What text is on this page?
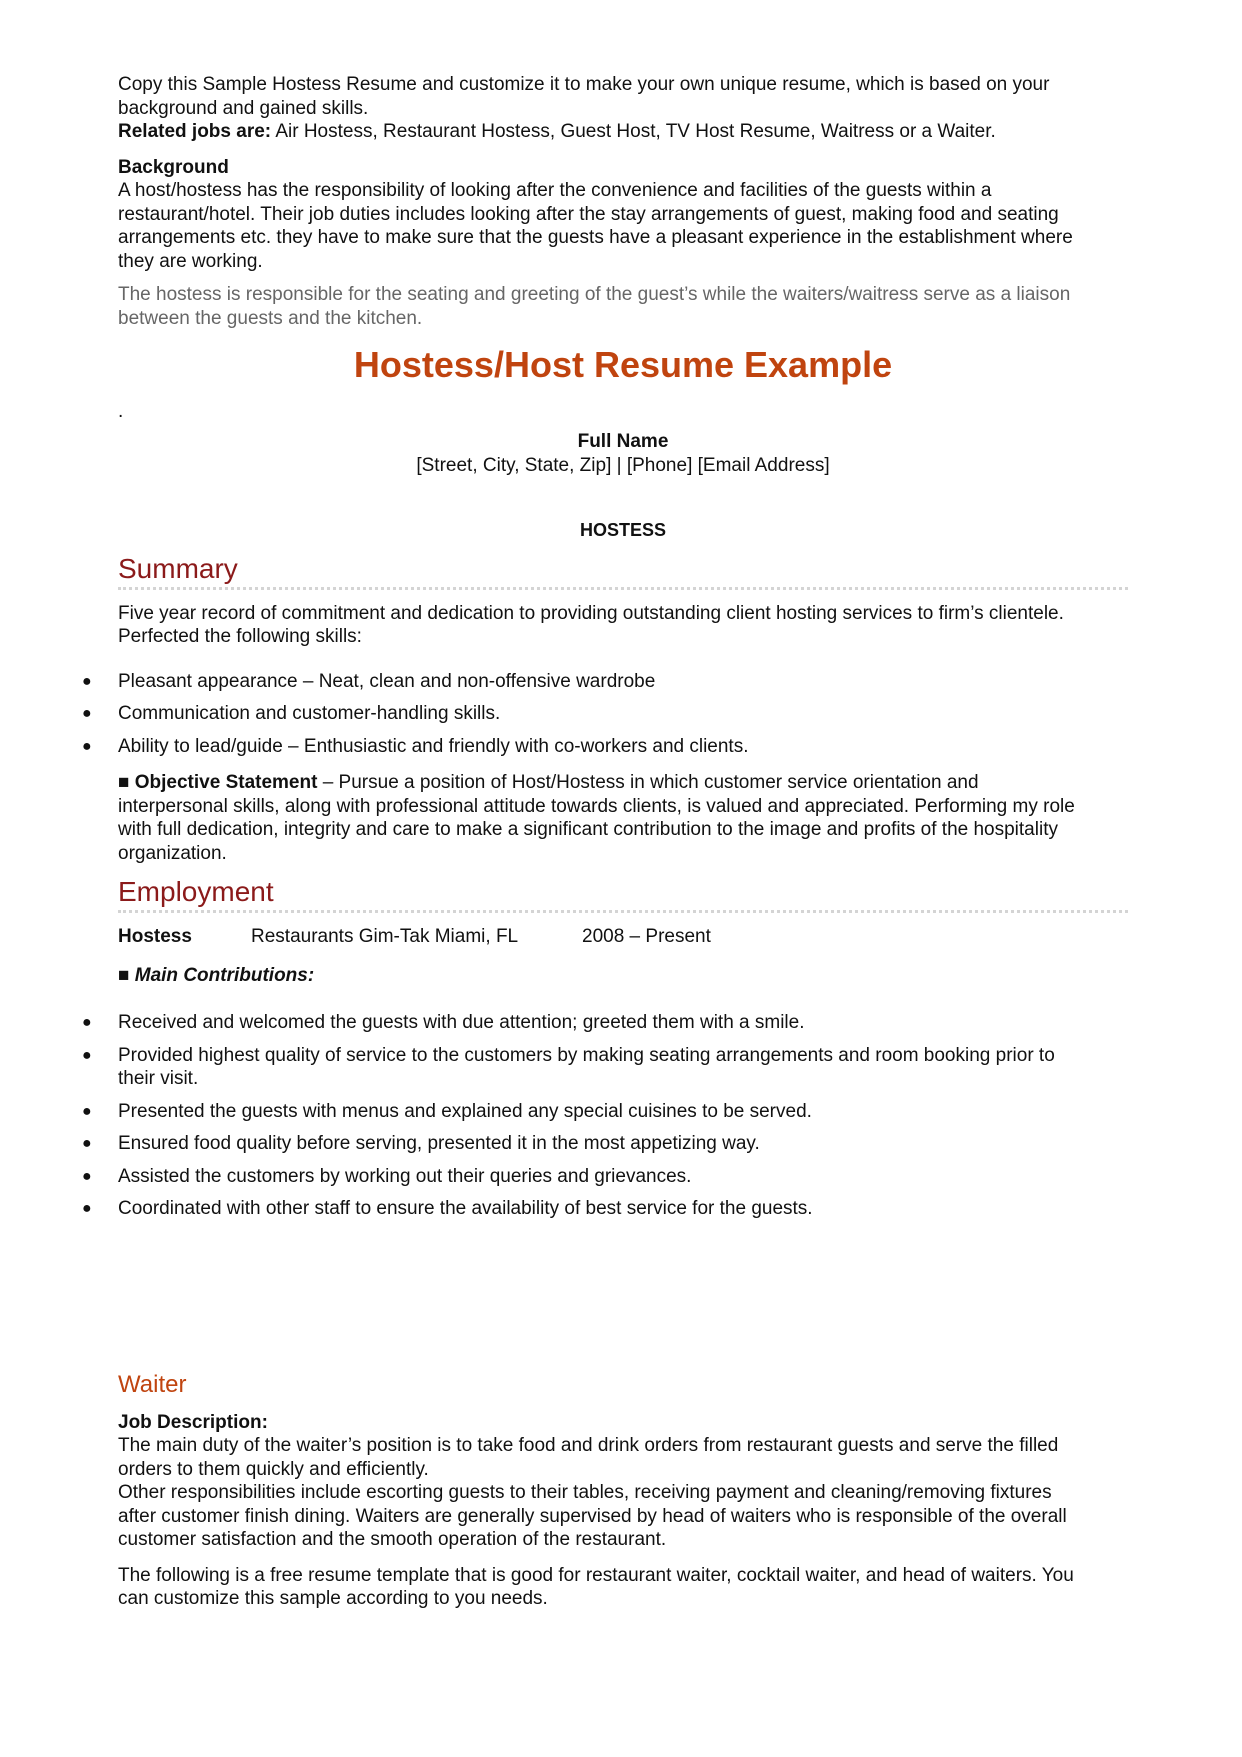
Copy this Sample Hostess Resume and customize it to make your own unique resume, which is based on your

background and gained skills.

Related jobs are: Air Hostess, Restaurant Hostess, Guest Host, TV Host Resume, Waitress or a Waiter.

Background

A host/hostess has the responsibility of looking after the convenience and facilities of the guests within a

restaurant/hotel. Their job duties includes looking after the stay arrangements of guest, making food and seating

arrangements etc. they have to make sure that the guests have a pleasant experience in the establishment where

they are working.

The hostess is responsible for the seating and greeting of the guest’s while the waiters/waitress serve as a liaison

between the guests and the kitchen.

Hostess/Host Resume Example
.

Full Name

[Street, City, State, Zip] | [Phone] [Email Address]

HOSTESS

Summary

Five year record of commitment and dedication to providing outstanding client hosting services to firm’s clientele.

Perfected the following skills:

● Pleasant appearance – Neat, clean and non-offensive wardrobe
● Communication and customer-handling skills.
● Ability to lead/guide – Enthusiastic and friendly with co-workers and clients.

■ Objective Statement – Pursue a position of Host/Hostess in which customer service orientation and

interpersonal skills, along with professional attitude towards clients, is valued and appreciated. Performing my role

with full dedication, integrity and care to make a significant contribution to the image and profits of the hospitality

organization.

Employment
Hostess	Restaurants Gim-Tak Miami, FL	2008 – Present

■ Main Contributions:

● Received and welcomed the guests with due attention; greeted them with a smile.
● Provided highest quality of service to the customers by making seating arrangements and room booking prior to
their visit.
● Presented the guests with menus and explained any special cuisines to be served.
● Ensured food quality before serving, presented it in the most appetizing way.
● Assisted the customers by working out their queries and grievances.
● Coordinated with other staff to ensure the availability of best service for the guests.
Waiter

Job Description:

The main duty of the waiter’s position is to take food and drink orders from restaurant guests and serve the filled

orders to them quickly and efficiently.

Other responsibilities include escorting guests to their tables, receiving payment and cleaning/removing fixtures

after customer finish dining. Waiters are generally supervised by head of waiters who is responsible of the overall

customer satisfaction and the smooth operation of the restaurant.

The following is a free resume template that is good for restaurant waiter, cocktail waiter, and head of waiters. You

can customize this sample according to you needs.
